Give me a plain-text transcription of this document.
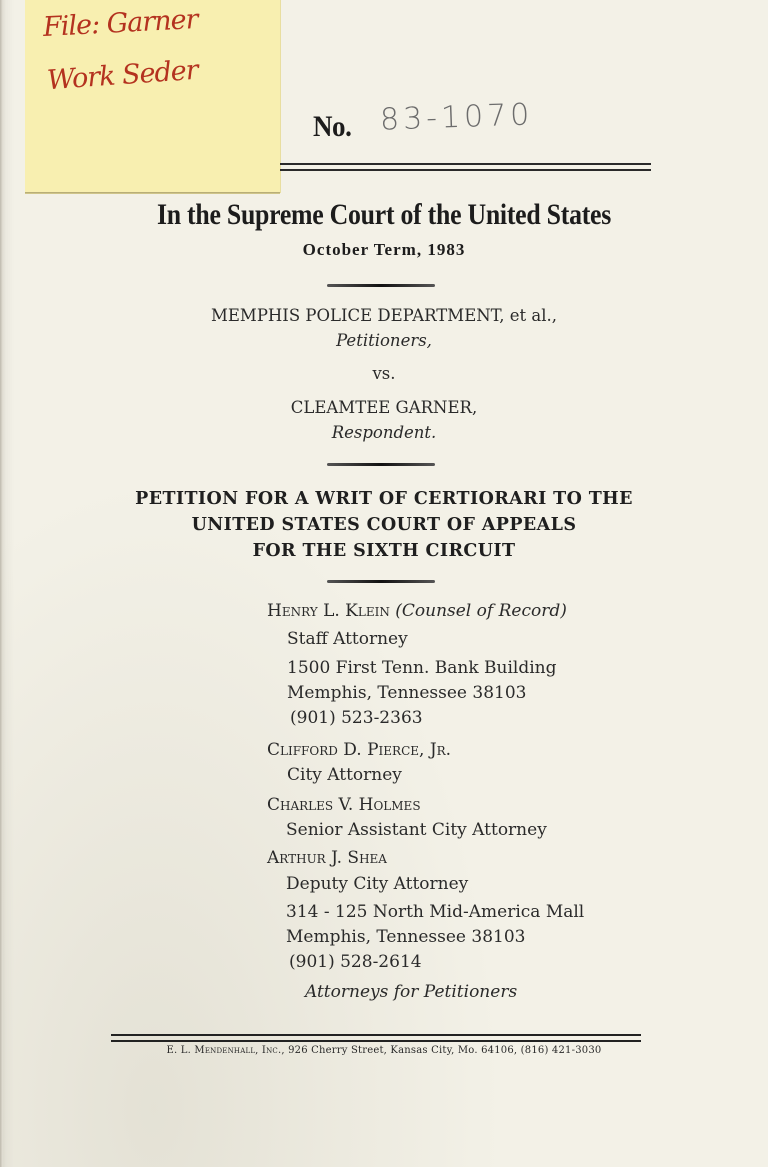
File: Garner
Work Seder
No. 83-1070
In the Supreme Court of the United States
October Term, 1983
MEMPHIS POLICE DEPARTMENT, et al.,
Petitioners,
vs.
CLEAMTEE GARNER,
Respondent.
PETITION FOR A WRIT OF CERTIORARI TO THE
UNITED STATES COURT OF APPEALS
FOR THE SIXTH CIRCUIT
Henry L. Klein (Counsel of Record)
Staff Attorney
1500 First Tenn. Bank Building
Memphis, Tennessee 38103
(901) 523-2363
Clifford D. Pierce, Jr.
City Attorney
Charles V. Holmes
Senior Assistant City Attorney
Arthur J. Shea
Deputy City Attorney
314 - 125 North Mid-America Mall
Memphis, Tennessee 38103
(901) 528-2614
Attorneys for Petitioners
E. L. Mendenhall, Inc., 926 Cherry Street, Kansas City, Mo. 64106, (816) 421-3030
